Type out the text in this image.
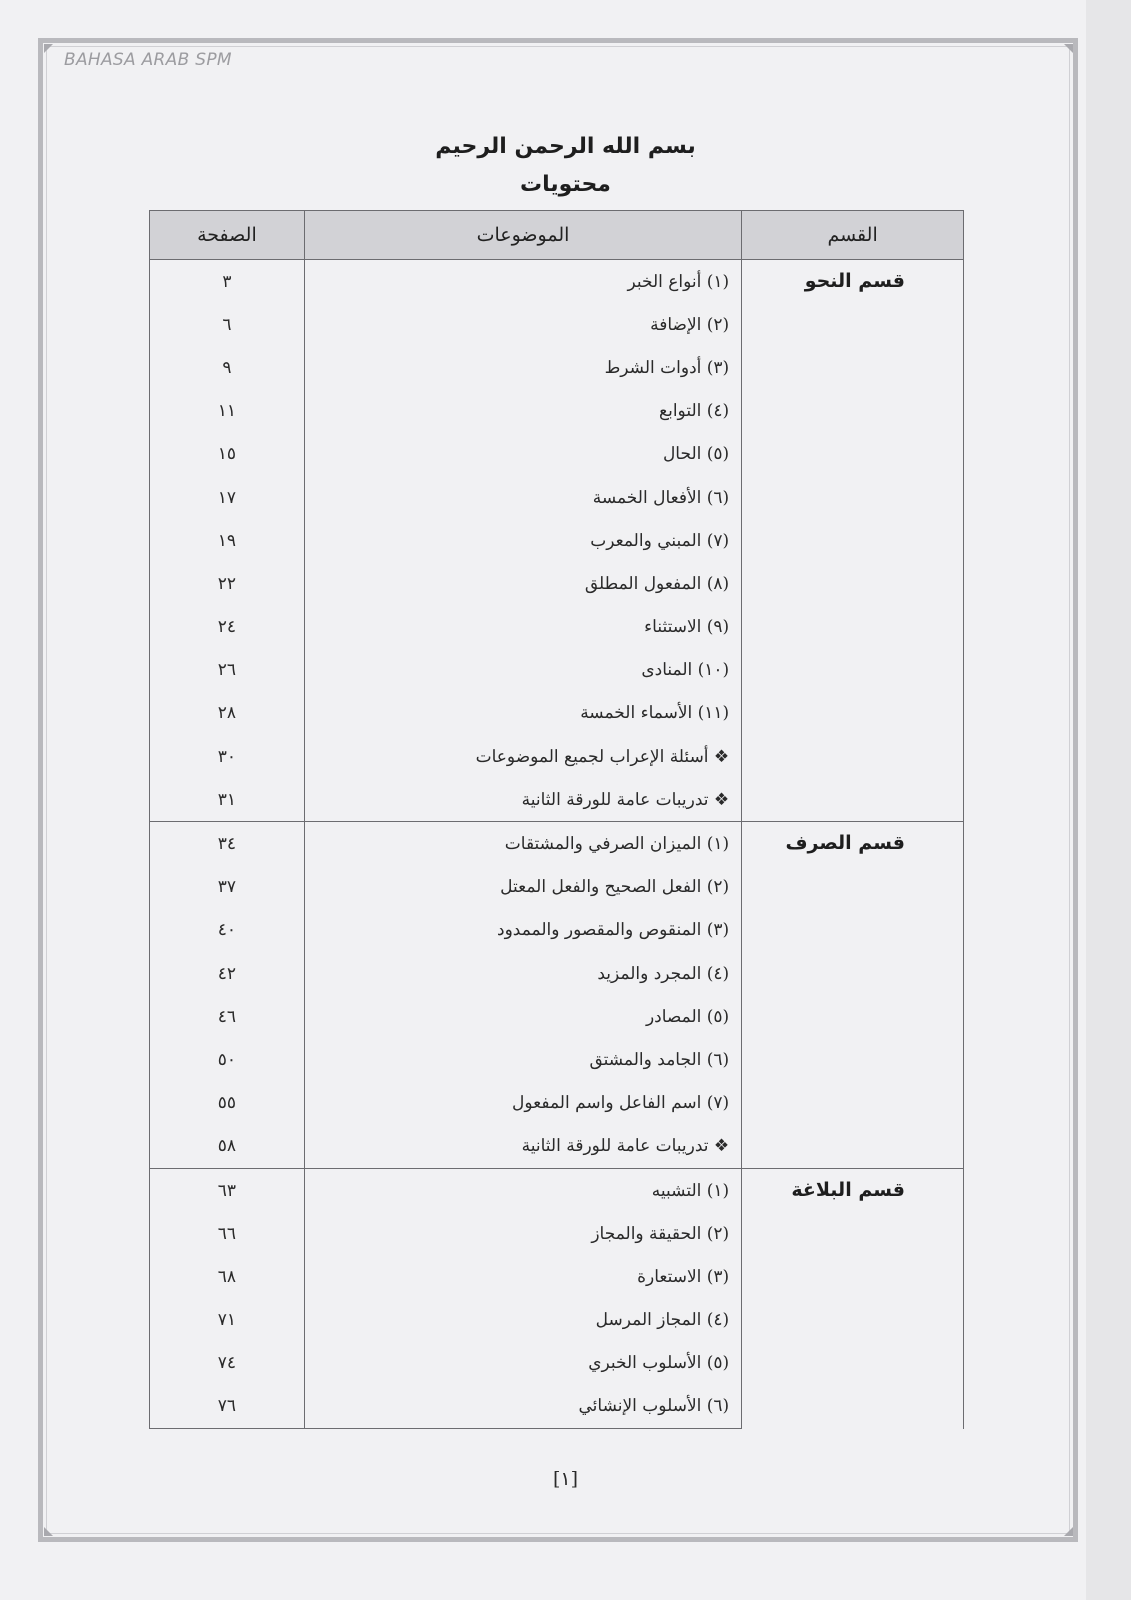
BAHASA ARAB SPM
بسم الله الرحمن الرحيم
محتويات
القسم	الموضوعات	الصفحة
قسم النحو	(١) أنواع الخبر	٣
	(٢) الإضافة	٦
	(٣) أدوات الشرط	٩
	(٤) التوابع	١١
	(٥) الحال	١٥
	(٦) الأفعال الخمسة	١٧
	(٧) المبني والمعرب	١٩
	(٨) المفعول المطلق	٢٢
	(٩) الاستثناء	٢٤
	(١٠) المنادى	٢٦
	(١١) الأسماء الخمسة	٢٨
	❖ أسئلة الإعراب لجميع الموضوعات	٣٠
	❖ تدريبات عامة للورقة الثانية	٣١
قسم الصرف	(١) الميزان الصرفي والمشتقات	٣٤
	(٢) الفعل الصحيح والفعل المعتل	٣٧
	(٣) المنقوص والمقصور والممدود	٤٠
	(٤) المجرد والمزيد	٤٢
	(٥) المصادر	٤٦
	(٦) الجامد والمشتق	٥٠
	(٧) اسم الفاعل واسم المفعول	٥٥
	❖ تدريبات عامة للورقة الثانية	٥٨
قسم البلاغة	(١) التشبيه	٦٣
	(٢) الحقيقة والمجاز	٦٦
	(٣) الاستعارة	٦٨
	(٤) المجاز المرسل	٧١
	(٥) الأسلوب الخبري	٧٤
	(٦) الأسلوب الإنشائي	٧٦
[١]
